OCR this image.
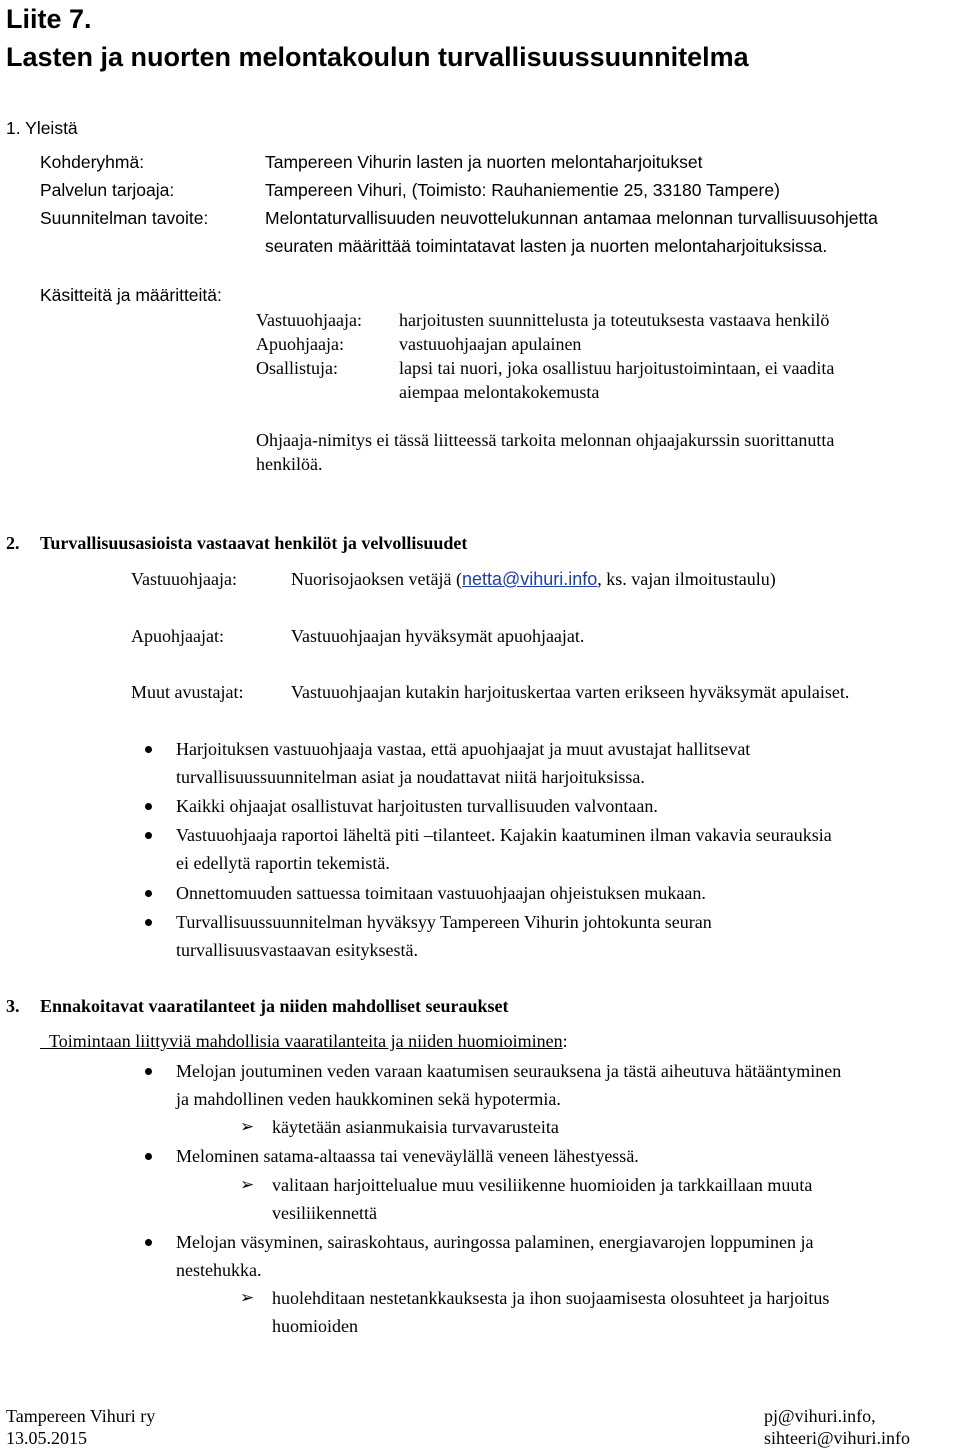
Liite 7.
Lasten ja nuorten melontakoulun turvallisuussuunnitelma
1. Yleistä
Kohderyhmä:	Tampereen Vihurin lasten ja nuorten melontaharjoitukset
Palvelun tarjoaja:	Tampereen Vihuri, (Toimisto: Rauhaniementie 25, 33180 Tampere)
Suunnitelman tavoite:	Melontaturvallisuuden neuvottelukunnan antamaa melonnan turvallisuusohjetta
seuraten määrittää toimintatavat lasten ja nuorten melontaharjoituksissa.
Käsitteitä ja määritteitä:
Vastuuohjaaja: harjoitusten suunnittelusta ja toteutuksesta vastaava henkilö
Apuohjaaja:	vastuuohjaajan apulainen
Osallistuja:	lapsi tai nuori, joka osallistuu harjoitustoimintaan, ei vaadita
aiempaa melontakokemusta
Ohjaaja-nimitys ei tässä liitteessä tarkoita melonnan ohjaajakurssin suorittanutta
henkilöä.
2. Turvallisuusasioista vastaavat henkilöt ja velvollisuudet
Vastuuohjaaja:	Nuorisojaoksen vetäjä (netta@vihuri.info, ks. vajan ilmoitustaulu)
Apuohjaajat:	Vastuuohjaajan hyväksymät apuohjaajat.
Muut avustajat:	Vastuuohjaajan kutakin harjoituskertaa varten erikseen hyväksymät apulaiset.
Harjoituksen vastuuohjaaja vastaa, että apuohjaajat ja muut avustajat hallitsevat
turvallisuussuunnitelman asiat ja noudattavat niitä harjoituksissa.
Kaikki ohjaajat osallistuvat harjoitusten turvallisuuden valvontaan.
Vastuuohjaaja raportoi läheltä piti –tilanteet. Kajakin kaatuminen ilman vakavia seurauksia
ei edellytä raportin tekemistä.
Onnettomuuden sattuessa toimitaan vastuuohjaajan ohjeistuksen mukaan.
Turvallisuussuunnitelman hyväksyy Tampereen Vihurin johtokunta seuran
turvallisuusvastaavan esityksestä.
3. Ennakoitavat vaaratilanteet ja niiden mahdolliset seuraukset
Toimintaan liittyviä mahdollisia vaaratilanteita ja niiden huomioiminen:
Melojan joutuminen veden varaan kaatumisen seurauksena ja tästä aiheutuva hätääntyminen
ja mahdollinen veden haukkominen sekä hypotermia.
➢ käytetään asianmukaisia turvavarusteita
Melominen satama-altaassa tai veneväylällä veneen lähestyessä.
➢ valitaan harjoittelualue muu vesiliikenne huomioiden ja tarkkaillaan muuta
vesiliikennettä
Melojan väsyminen, sairaskohtaus, auringossa palaminen, energiavarojen loppuminen ja
nestehukka.
➢ huolehditaan nestetankkauksesta ja ihon suojaamisesta olosuhteet ja harjoitus
huomioiden
Tampereen Vihuri ry
13.05.2015
pj@vihuri.info,
sihteeri@vihuri.info
